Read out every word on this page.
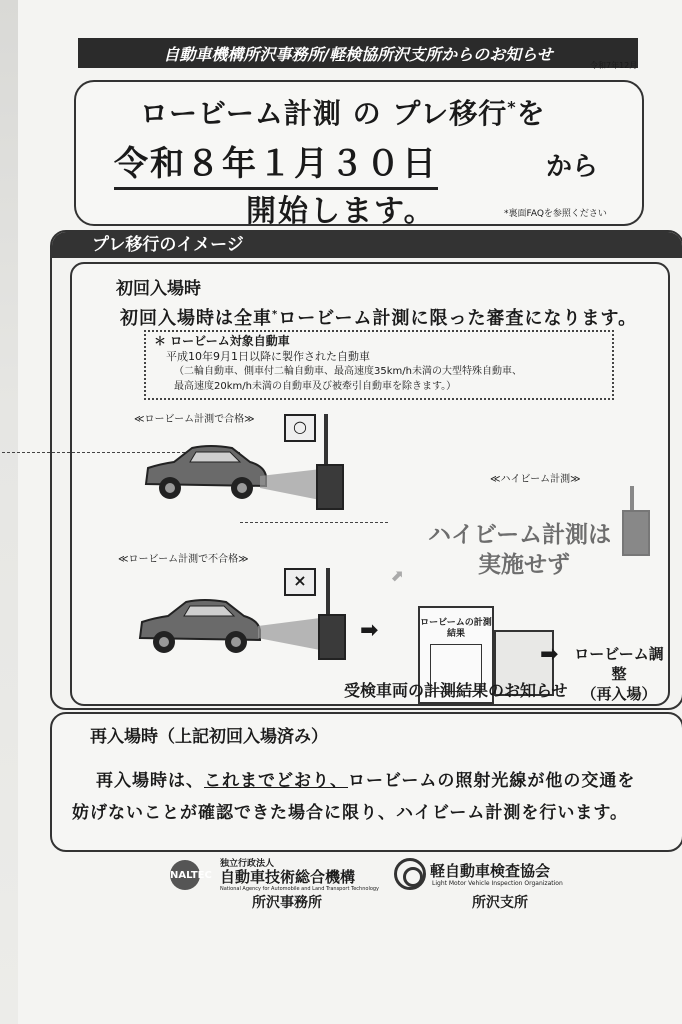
自動車機構所沢事務所/軽検協所沢支所からのお知らせ
令和7年12月
ロービーム計測 の プレ移行*を
令和８年１月３０日	から
開始します。	*裏面FAQを参照ください
プレ移行のイメージ
初回入場時
初回入場時は全車*ロービーム計測に限った審査になります。
＊ ロービーム対象自動車
平成10年9月1日以降に製作された自動車
（二輪自動車、側車付二輪自動車、最高速度35km/h未満の大型特殊自動車、
最高速度20km/h未満の自動車及び被牽引自動車を除きます。）
≪ロービーム計測で合格≫	○
≪ハイビーム計測≫
ハイビーム計測は
実施せず
≪ロービーム計測で不合格≫
×
➡
⬈
ロービームの計測結果
➡ ロービーム調整
（再入場）
受検車両の計測結果のお知らせ
再入場時（上記初回入場済み）
再入場時は、これまでどおり、ロービームの照射光線が他の交通を
妨げないことが確認できた場合に限り、ハイビーム計測を行います。
NALTEC
独立行政法人
自動車技術総合機構
National Agency for Automobile and Land Transport Technology
所沢事務所
軽自動車検査協会
Light Motor Vehicle Inspection Organization
所沢支所
